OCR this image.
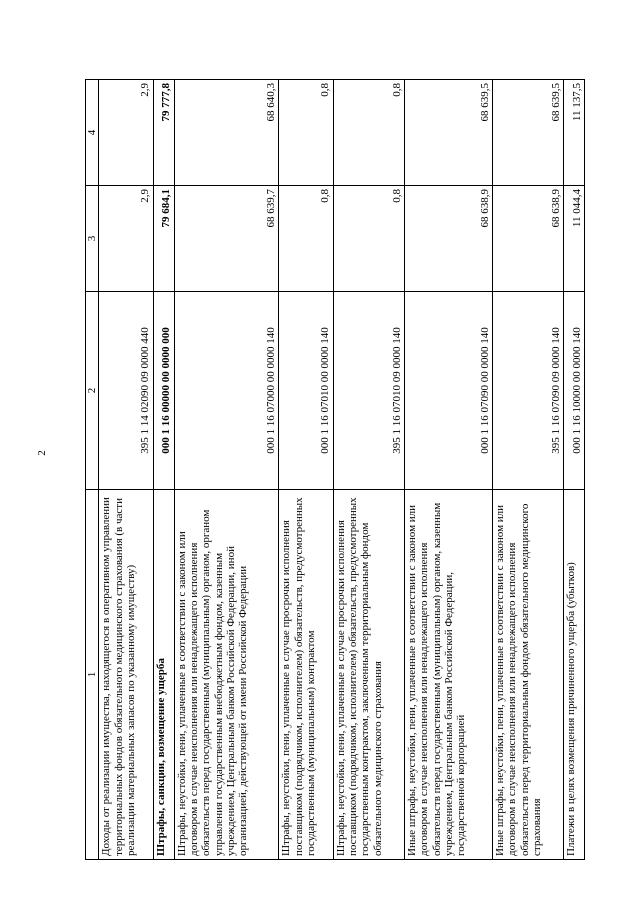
2
1	2	3	4
Доходы от реализации имущества, находящегося в оперативном управлении территориальных фондов обязательного медицинского страхования (в части реализации материальных запасов по указанному имуществу)	395 1 14 02090 09 0000 440	2,9	2,9
Штрафы, санкции, возмещение ущерба	000 1 16 00000 00 0000 000	79 684,1	79 777,8
Штрафы, неустойки, пени, уплаченные в соответствии с законом или договором в случае неисполнения или ненадлежащего исполнения обязательств перед государственным (муниципальным) органом, органом управления государственным внебюджетным фондом, казенным учреждением, Центральным банком Российской Федерации, иной организацией, действующей от имени Российской Федерации	000 1 16 07000 00 0000 140	68 639,7	68 640,3
Штрафы, неустойки, пени, уплаченные в случае просрочки исполнения поставщиком (подрядчиком, исполнителем) обязательств, предусмотренных государственным (муниципальным) контрактом	000 1 16 07010 00 0000 140	0,8	0,8
Штрафы, неустойки, пени, уплаченные в случае просрочки исполнения поставщиком (подрядчиком, исполнителем) обязательств, предусмотренных государственным контрактом, заключенным территориальным фондом обязательного медицинского страхования	395 1 16 07010 09 0000 140	0,8	0,8
Иные штрафы, неустойки, пени, уплаченные в соответствии с законом или договором в случае неисполнения или ненадлежащего исполнения обязательств перед государственным (муниципальным) органом, казенным учреждением, Центральным банком Российской Федерации, государственной корпорацией	000 1 16 07090 00 0000 140	68 638,9	68 639,5
Иные штрафы, неустойки, пени, уплаченные в соответствии с законом или договором в случае неисполнения или ненадлежащего исполнения обязательств перед территориальным фондом обязательного медицинского страхования	395 1 16 07090 09 0000 140	68 638,9	68 639,5
Платежи в целях возмещения причиненного ущерба (убытков)	000 1 16 10000 00 0000 140	11 044,4	11 137,5
